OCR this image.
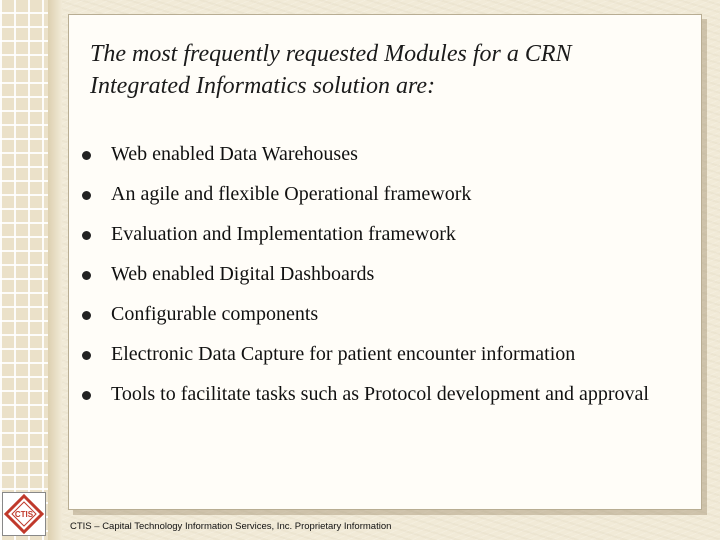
The most frequently requested Modules for a CRN
Integrated Informatics solution are:
Web enabled Data Warehouses
An agile and flexible Operational framework
Evaluation and Implementation framework
Web enabled Digital Dashboards
Configurable components
Electronic Data Capture for patient encounter information
Tools to facilitate tasks such as Protocol development and approval
CTIS
CTIS – Capital Technology Information Services, Inc. Proprietary Information
